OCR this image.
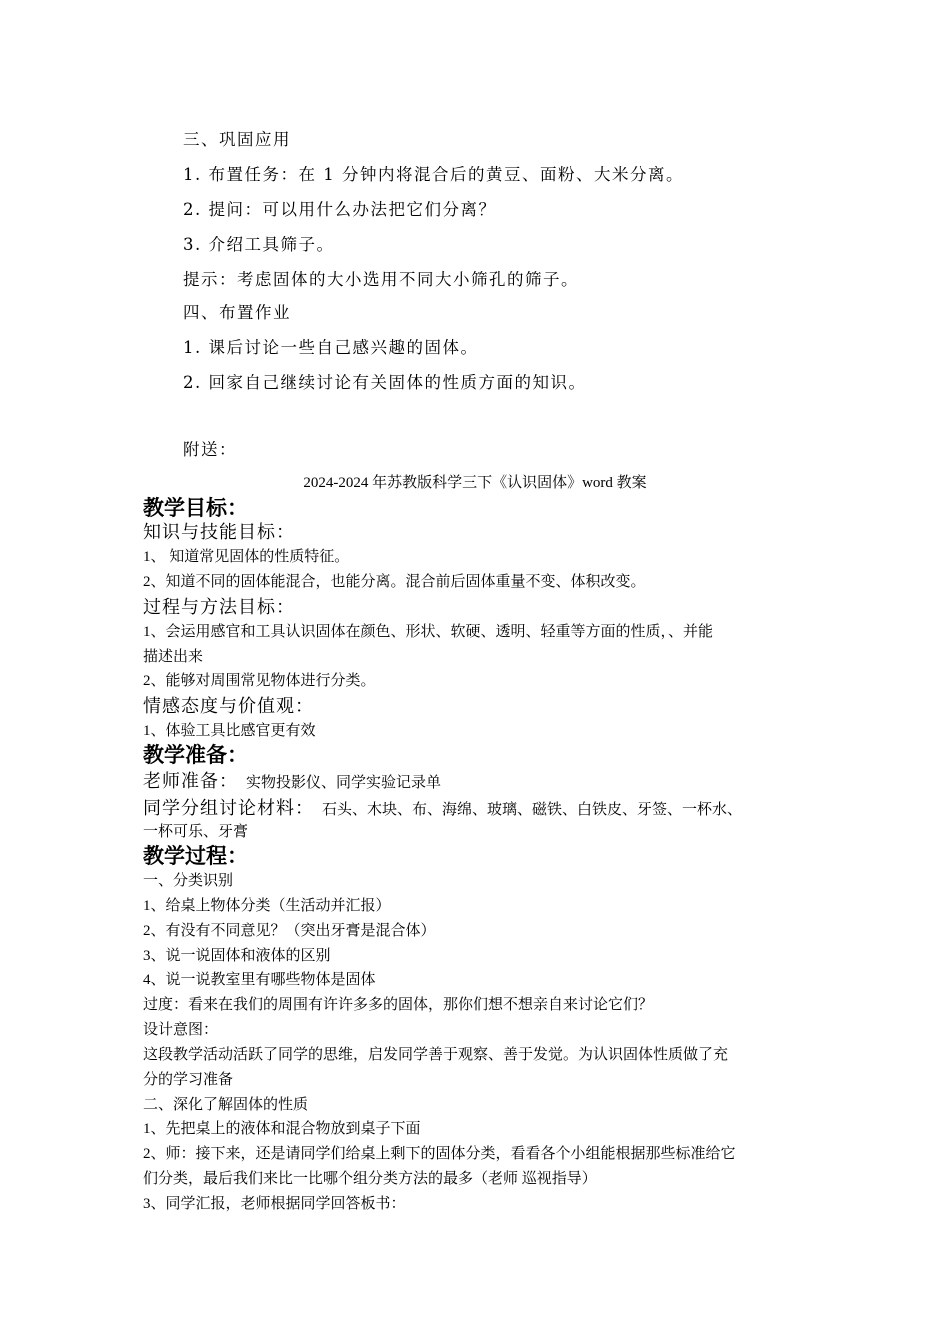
三、巩固应用
1. 布置任务：在 1 分钟内将混合后的黄豆、面粉、大米分离。
2. 提问：可以用什么办法把它们分离？
3. 介绍工具筛子。
提示：考虑固体的大小选用不同大小筛孔的筛子。
四、布置作业
1. 课后讨论一些自己感兴趣的固体。
2. 回家自己继续讨论有关固体的性质方面的知识。
附送：
2024-2024 年苏教版科学三下《认识固体》word 教案
教学目标：
知识与技能目标：
1、 知道常见固体的性质特征。
2、知道不同的固体能混合，也能分离。混合前后固体重量不变、体积改变。
过程与方法目标：
1、会运用感官和工具认识固体在颜色、形状、软硬、透明、轻重等方面的性质，、并能
描述出来
2、能够对周围常见物体进行分类。
情感态度与价值观：
1、体验工具比感官更有效
教学准备：
老师准备： 实物投影仪、同学实验记录单
同学分组讨论材料： 石头、木块、布、海绵、玻璃、磁铁、白铁皮、牙签、一杯水、
一杯可乐、牙膏
教学过程：
一、分类识别
1、给桌上物体分类（生活动并汇报）
2、有没有不同意见？（突出牙膏是混合体）
3、说一说固体和液体的区别
4、说一说教室里有哪些物体是固体
过度：看来在我们的周围有许许多多的固体，那你们想不想亲自来讨论它们？
设计意图：
这段教学活动活跃了同学的思维，启发同学善于观察、善于发觉。为认识固体性质做了充
分的学习准备
二、深化了解固体的性质
1、先把桌上的液体和混合物放到桌子下面
2、师：接下来，还是请同学们给桌上剩下的固体分类，看看各个小组能根据那些标准给它
们分类，最后我们来比一比哪个组分类方法的最多（老师 巡视指导）
3、同学汇报，老师根据同学回答板书：
